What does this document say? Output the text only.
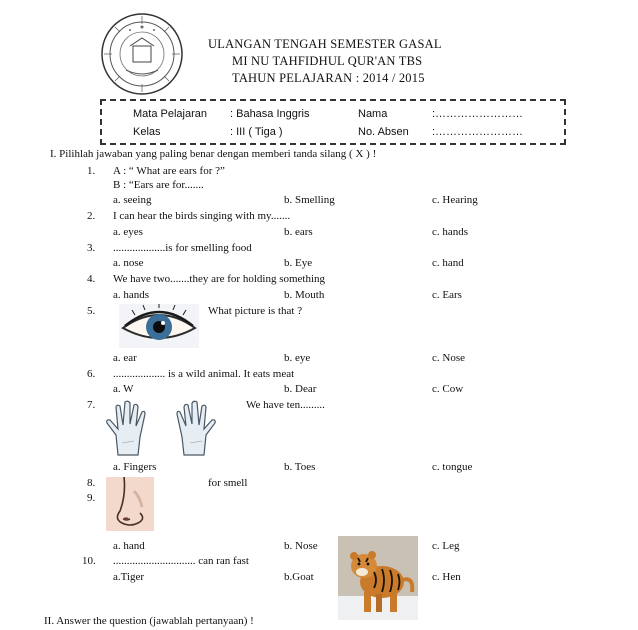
ULANGAN TENGAH SEMESTER GASAL
MI NU TAHFIDHUL QUR'AN TBS
TAHUN PELAJARAN : 2014 / 2015
Mata Pelajaran : Bahasa Inggris	Nama	:……………………
Kelas	: III ( Tiga )	No. Absen :……………………
I. Pilihlah jawaban yang paling benar dengan memberi tanda silang ( X ) !
1. A : “ What are ears for ?”
B : “Ears are for.......
a. seeing	b. Smelling	c. Hearing
2. I can hear the birds singing with my.......
a. eyes	b. ears	c. hands
3. ...................is for smelling food
a. nose	b. Eye	c. hand
4. We have two.......they are for holding something
a. hands	b. Mouth	c. Ears
5.	What picture is that ?
a. ear	b. eye	c. Nose
6. ................... is a wild animal. It eats meat
a. W	b. Dear	c. Cow
7.	We have ten.........
a. Fingers	b. Toes	c. tongue
8.	for smell
9.
a. hand	b. Nose	c. Leg
10. .............................. can ran fast
a.Tiger	b.Goat	c. Hen
II. Answer the question (jawablah pertanyaan) !
